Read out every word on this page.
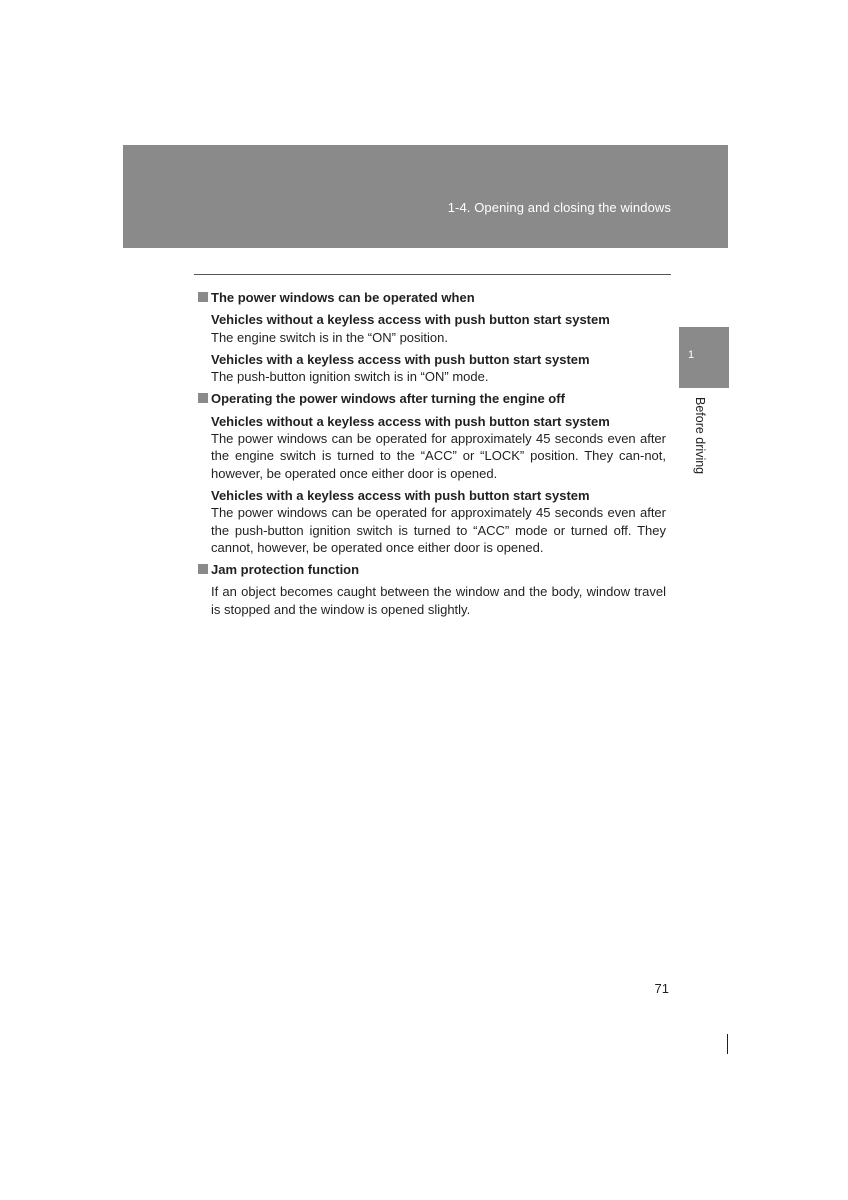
1-4. Opening and closing the windows
1
Before driving
The power windows can be operated when
Vehicles without a keyless access with push button start system
The engine switch is in the “ON” position.
Vehicles with a keyless access with push button start system
The push-button ignition switch is in “ON” mode.
Operating the power windows after turning the engine off
Vehicles without a keyless access with push button start system
The power windows can be operated for approximately 45 seconds even after the engine switch is turned to the “ACC” or “LOCK” position. They can-not, however, be operated once either door is opened.
Vehicles with a keyless access with push button start system
The power windows can be operated for approximately 45 seconds even after the push-button ignition switch is turned to “ACC” mode or turned off. They cannot, however, be operated once either door is opened.
Jam protection function
If an object becomes caught between the window and the body, window travel is stopped and the window is opened slightly.
71
